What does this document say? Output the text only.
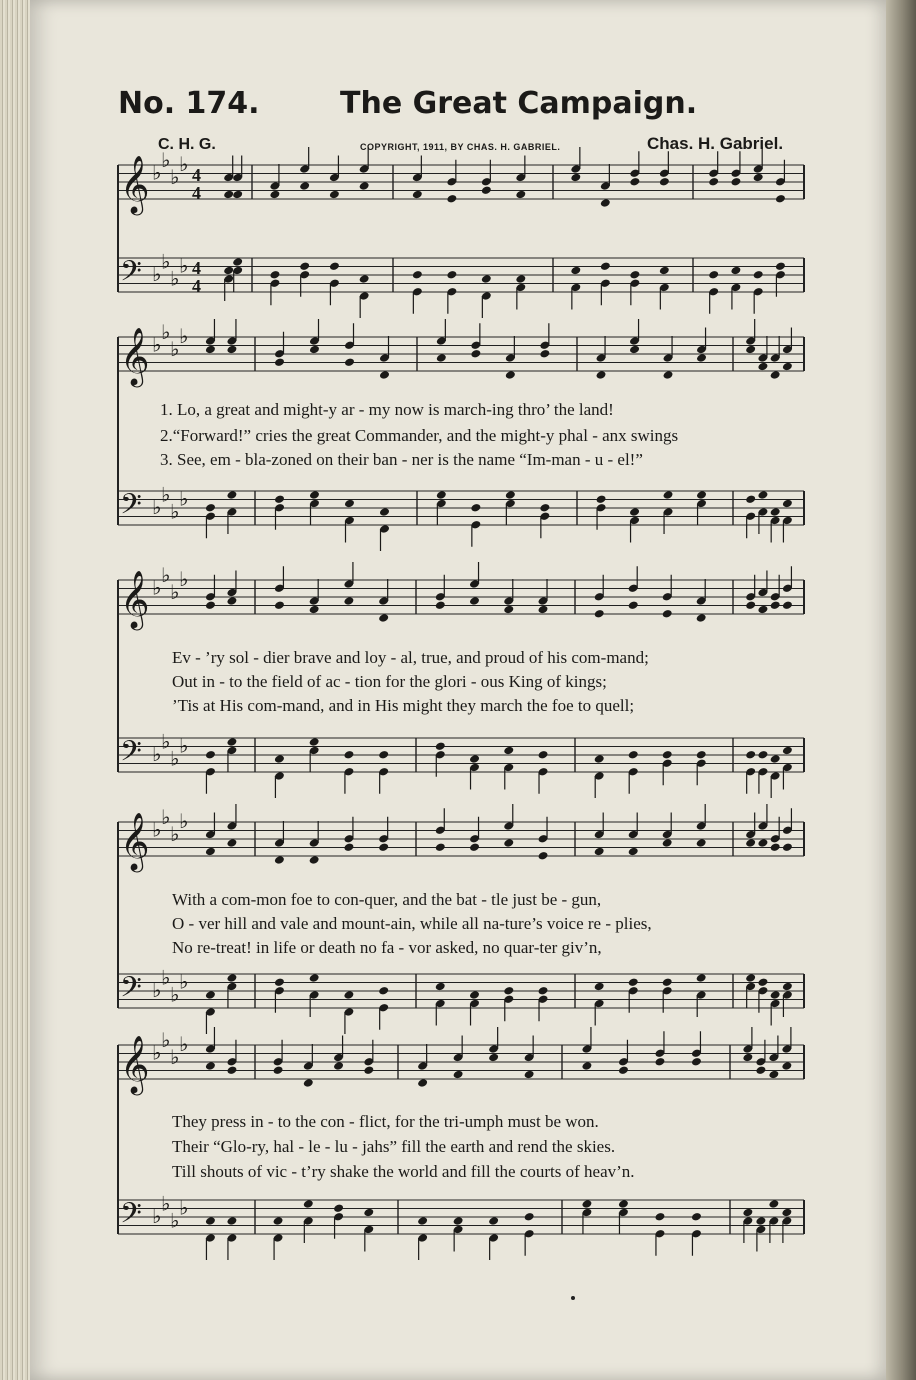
No. 174.	The Great Campaign.
C. H. G.	COPYRIGHT, 1911, BY CHAS. H. GABRIEL.	Chas. H. Gabriel.
𝄞
𝄢
♭
♭
♭
♭
♭
♭
♭
♭
4
4
4
4
𝄞
𝄢
♭
♭
♭
♭
♭
♭
♭
♭
𝄞
𝄢
♭
♭
♭
♭
♭
♭
♭
♭
𝄞
𝄢
♭
♭
♭
♭
♭
♭
♭
♭
𝄞
𝄢
♭
♭
♭
♭
♭
♭
♭
♭
1. Lo, a great and might-y ar - my now is march-ing thro’ the land!
2.“Forward!” cries the great Commander, and the might-y phal - anx swings
3. See, em - bla-zoned on their ban - ner is the name “Im-man - u - el!”
Ev - ’ry sol - dier brave and loy - al, true, and proud of his com-mand;
Out in - to the field of ac - tion for the glori - ous King of kings;
’Tis at His com-mand, and in His might they march the foe to quell;
With a com-mon foe to con-quer, and the bat - tle just be - gun,
O - ver hill and vale and mount-ain, while all na-ture’s voice re - plies,
No re-treat! in life or death no fa - vor asked, no quar-ter giv’n,
They press in - to the con - flict, for the tri-umph must be won.
Their “Glo-ry, hal - le - lu - jahs” fill the earth and rend the skies.
Till shouts of vic - t’ry shake the world and fill the courts of heav’n.
